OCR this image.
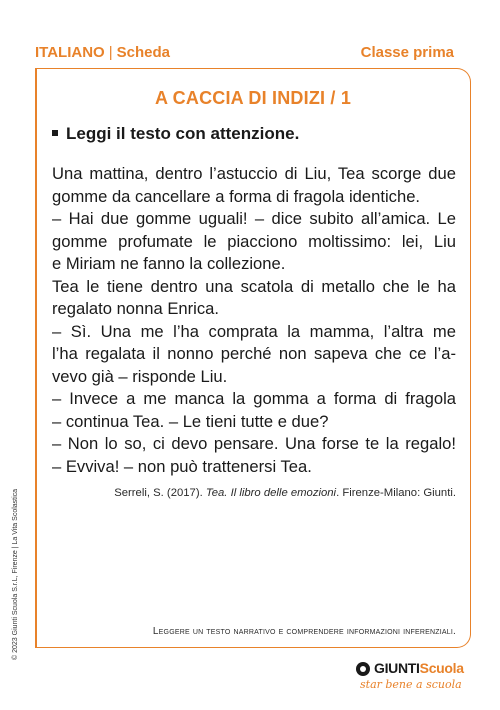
ITALIANO | Scheda	Classe prima
A CACCIA DI INDIZI / 1
Leggi il testo con attenzione.
Una mattina, dentro l’astuccio di Liu, Tea scorge due
gomme da cancellare a forma di fragola identiche.
– Hai due gomme uguali! – dice subito all’amica. Le
gomme profumate le piacciono moltissimo: lei, Liu
e Miriam ne fanno la collezione.
Tea le tiene dentro una scatola di metallo che le ha
regalato nonna Enrica.
– Sì. Una me l’ha comprata la mamma, l’altra me
l’ha regalata il nonno perché non sapeva che ce l’a-
vevo già – risponde Liu.
– Invece a me manca la gomma a forma di fragola
– continua Tea. – Le tieni tutte e due?
– Non lo so, ci devo pensare. Una forse te la regalo!
– Evviva! – non può trattenersi Tea.
Serreli, S. (2017). Tea. Il libro delle emozioni. Firenze-Milano: Giunti.
Leggere un testo narrativo e comprendere informazioni inferenziali.
© 2023 Giunti Scuola S.r.L, Firenze | La Vita Scolastica
GIUNTIScuola
star bene a scuola
